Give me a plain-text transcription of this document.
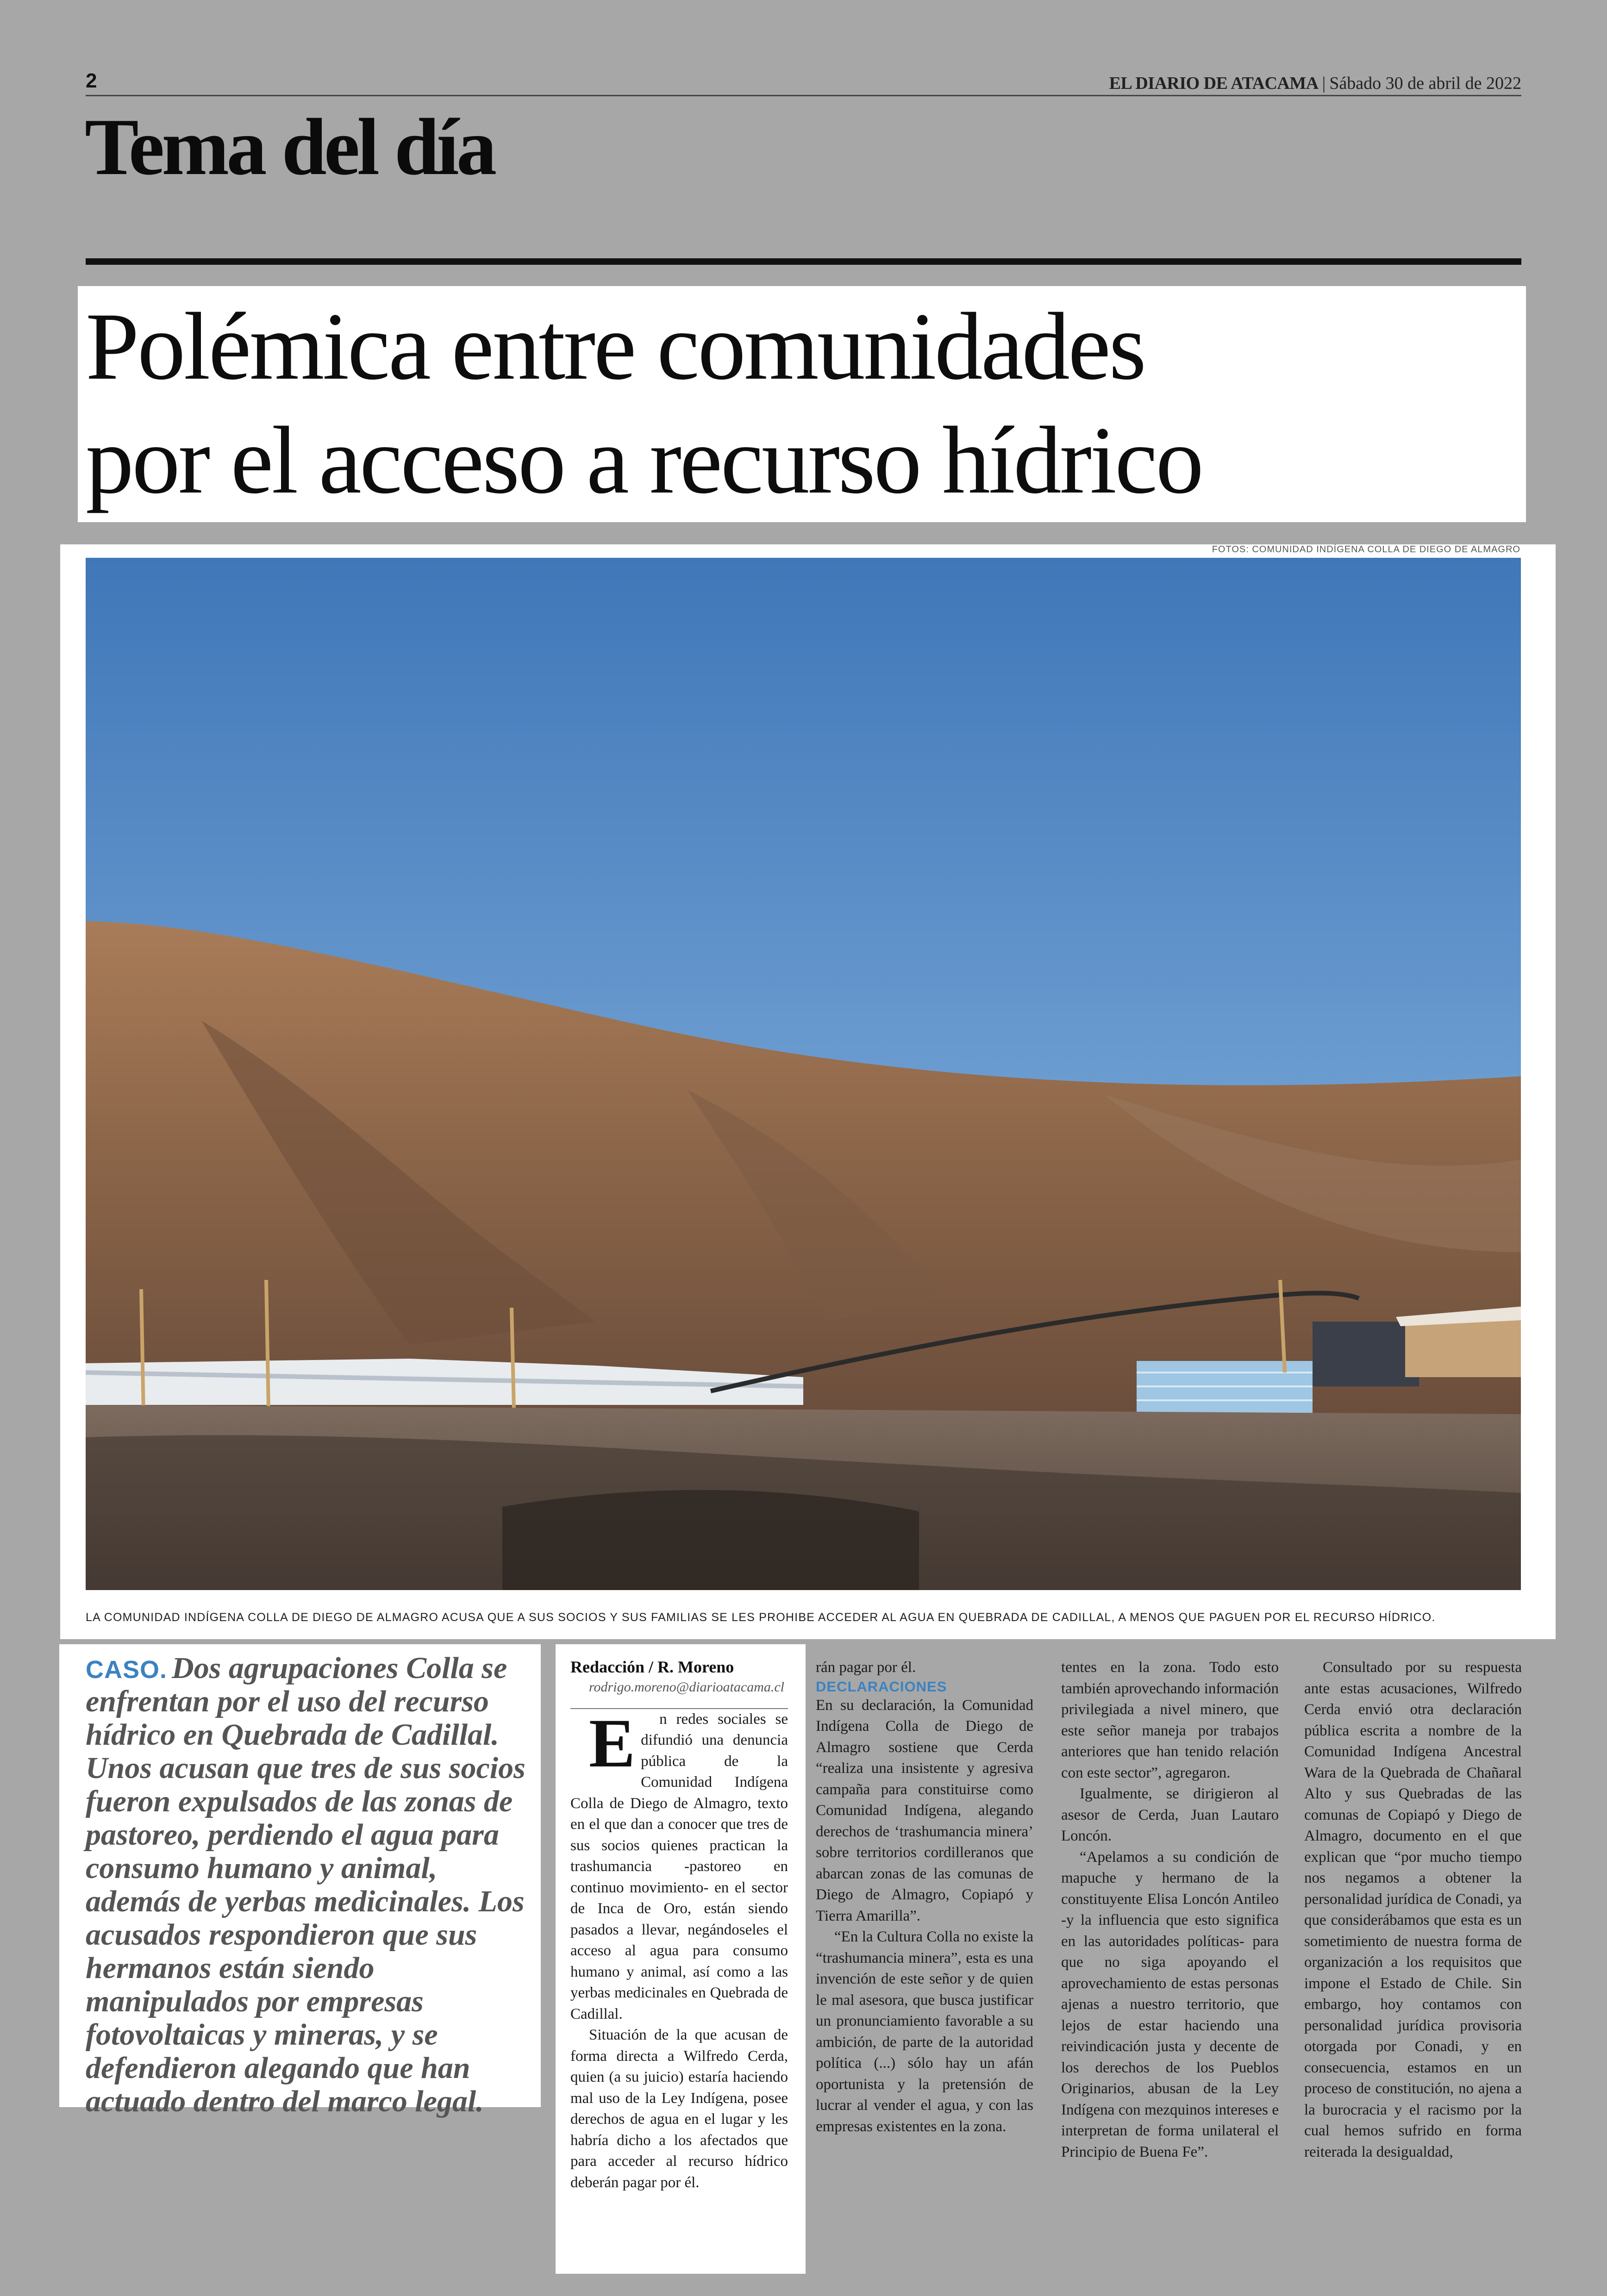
2	EL DIARIO DE ATACAMA | Sábado 30 de abril de 2022
Tema del día
Polémica entre comunidades
por el acceso a recurso hídrico
FOTOS: COMUNIDAD INDÍGENA COLLA DE DIEGO DE ALMAGRO
LA COMUNIDAD INDÍGENA COLLA DE DIEGO DE ALMAGRO ACUSA QUE A SUS SOCIOS Y SUS FAMILIAS SE LES PROHIBE ACCEDER AL AGUA EN QUEBRADA DE CADILLAL, A MENOS QUE PAGUEN POR EL RECURSO HÍDRICO.
CASO. Dos agrupaciones Colla se enfrentan por el uso del recurso hídrico en Quebrada de Cadillal. Unos acusan que tres de sus socios fueron expulsados de las zonas de pastoreo, perdiendo el agua para consumo humano y animal, además de yerbas medicinales. Los acusados respondieron que sus hermanos están siendo manipulados por empresas fotovoltaicas y mineras, y se defendieron alegando que han actuado dentro del marco legal.

Redacción / R. Moreno

rodrigo.moreno@diarioatacama.cl

E n redes sociales se difundió una denuncia pública de la Comunidad Indígena Colla de Diego de Almagro, texto en el que dan a conocer que tres de sus socios quienes practican la trashumancia -pastoreo en continuo movimiento- en el sector de Inca de Oro, están siendo pasados a llevar, negándoseles el acceso al agua para consumo humano y animal, así como a las yerbas medicinales en Quebrada de Cadillal.

Situación de la que acusan de forma directa a Wilfredo Cerda, quien (a su juicio) estaría haciendo mal uso de la Ley Indígena, posee derechos de agua en el lugar y les habría dicho a los afectados que para acceder al recurso hídrico deberán pagar por él.

rán pagar por él.

DECLARACIONES

En su declaración, la Comunidad Indígena Colla de Diego de Almagro sostiene que Cerda “realiza una insistente y agresiva campaña para constituirse como Comunidad Indígena, alegando derechos de ‘trashumancia minera’ sobre territorios cordilleranos que abarcan zonas de las comunas de Diego de Almagro, Copiapó y Tierra Amarilla”.

“En la Cultura Colla no existe la “trashumancia minera”, esta es una invención de este señor y de quien le mal asesora, que busca justificar un pronunciamiento favorable a su ambición, de parte de la autoridad política (...) sólo hay un afán oportunista y la pretensión de lucrar al vender el agua, y con las empresas existentes en la zona.

tentes en la zona. Todo esto también aprovechando información privilegiada a nivel minero, que este señor maneja por trabajos anteriores que han tenido relación con este sector”, agregaron.

Igualmente, se dirigieron al asesor de Cerda, Juan Lautaro Loncón.

“Apelamos a su condición de mapuche y hermano de la constituyente Elisa Loncón Antileo -y la influencia que esto significa en las autoridades políticas- para que no siga apoyando el aprovechamiento de estas personas ajenas a nuestro territorio, que lejos de estar haciendo una reivindicación justa y decente de los derechos de los Pueblos Originarios, abusan de la Ley Indígena con mezquinos intereses e interpretan de forma unilateral el Principio de Buena Fe”.

Consultado por su respuesta ante estas acusaciones, Wilfredo Cerda envió otra declaración pública escrita a nombre de la Comunidad Indígena Ancestral Wara de la Quebrada de Chañaral Alto y sus Quebradas de las comunas de Copiapó y Diego de Almagro, documento en el que explican que “por mucho tiempo nos negamos a obtener la personalidad jurídica de Conadi, ya que considerábamos que esta es un sometimiento de nuestra forma de organización a los requisitos que impone el Estado de Chile. Sin embargo, hoy contamos con personalidad jurídica provisoria otorgada por Conadi, y en consecuencia, estamos en un proceso de constitución, no ajena a la burocracia y el racismo por la cual hemos sufrido en forma reiterada la desigualdad,
